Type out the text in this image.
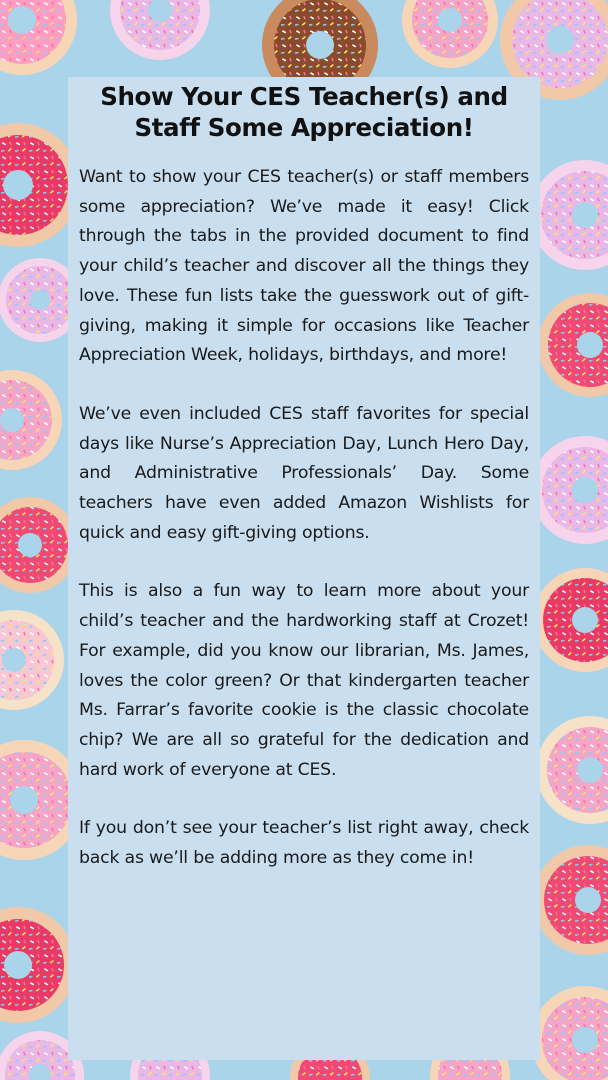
Show Your CES Teacher(s) and Staff Some Appreciation!

Want to show your CES teacher(s) or staff members some appreciation? We’ve made it easy! Click through the tabs in the provided document to find your child’s teacher and discover all the things they love. These fun lists take the guesswork out of gift-giving, making it simple for occasions like Teacher Appreciation Week, holidays, birthdays, and more!

We’ve even included CES staff favorites for special days like Nurse’s Appreciation Day, Lunch Hero Day, and Administrative Professionals’ Day. Some teachers have even added Amazon Wishlists for quick and easy gift-giving options.

This is also a fun way to learn more about your child’s teacher and the hardworking staff at Crozet! For example, did you know our librarian, Ms. James, loves the color green? Or that kindergarten teacher Ms. Farrar’s favorite cookie is the classic chocolate chip? We are all so grateful for the dedication and hard work of everyone at CES.

If you don’t see your teacher’s list right away, check back as we’ll be adding more as they come in!
